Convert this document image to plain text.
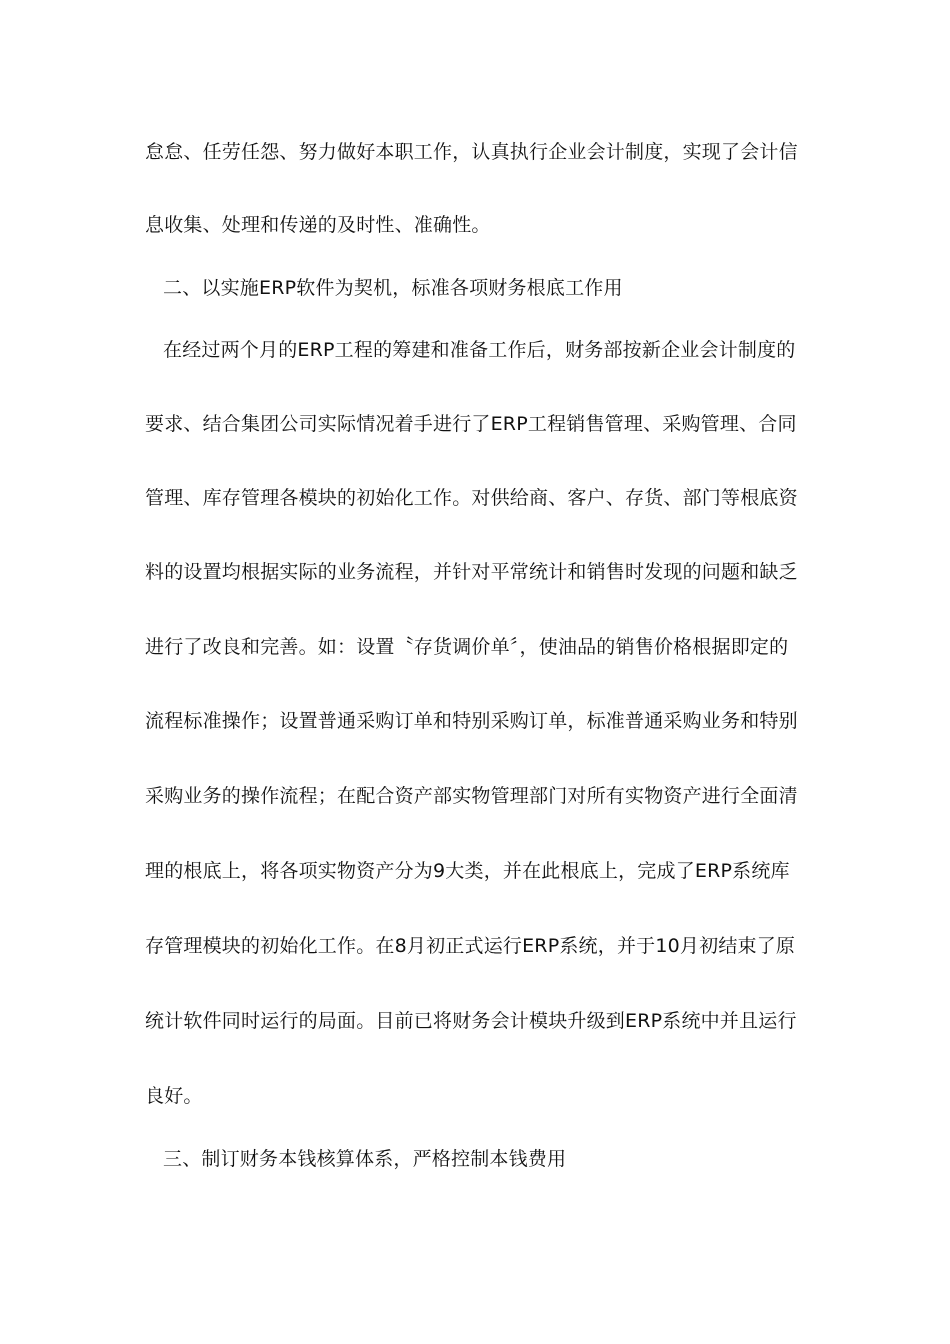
怠怠、任劳任怨、努力做好本职工作，认真执行企业会计制度，实现了会计信
息收集、处理和传递的及时性、准确性。
二、以实施ERP软件为契机，标准各项财务根底工作用
在经过两个月的ERP工程的筹建和准备工作后，财务部按新企业会计制度的
要求、结合集团公司实际情况着手进行了ERP工程销售管理、采购管理、合同
管理、库存管理各模块的初始化工作。对供给商、客户、存货、部门等根底资
料的设置均根据实际的业务流程，并针对平常统计和销售时发现的问题和缺乏
进行了改良和完善。如：设置〝存货调价单〞，使油品的销售价格根据即定的
流程标准操作；设置普通采购订单和特别采购订单，标准普通采购业务和特别
采购业务的操作流程；在配合资产部实物管理部门对所有实物资产进行全面清
理的根底上，将各项实物资产分为9大类，并在此根底上，完成了ERP系统库
存管理模块的初始化工作。在8月初正式运行ERP系统，并于10月初结束了原
统计软件同时运行的局面。目前已将财务会计模块升级到ERP系统中并且运行
良好。
三、制订财务本钱核算体系，严格控制本钱费用
